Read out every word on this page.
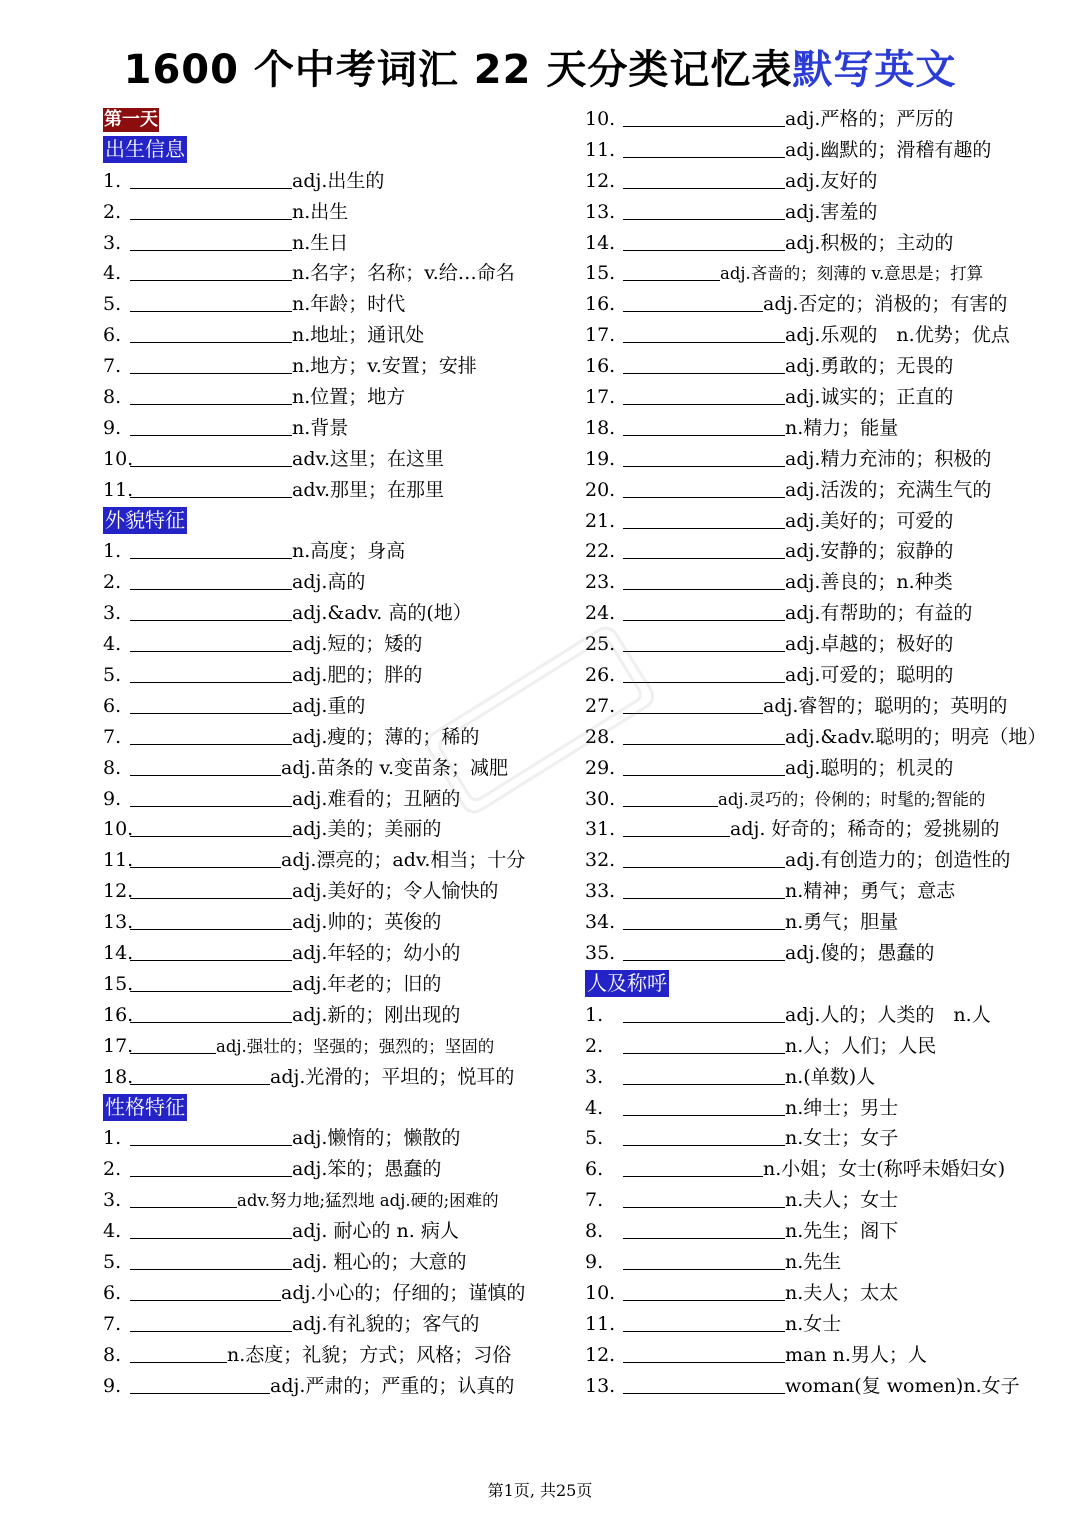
1600 个中考词汇 22 天分类记忆表默写英文
第一天
出生信息
1.	adj.出生的
2.	n.出生
3.	n.生日
4.	n.名字；名称；v.给…命名
5.	n.年龄；时代
6.	n.地址；通讯处
7.	n.地方；v.安置；安排
8.	n.位置；地方
9.	n.背景
10.	adv.这里；在这里
11.	adv.那里；在那里
外貌特征
1.	n.高度；身高
2.	adj.高的
3.	adj.&adv. 高的(地）
4.	adj.短的；矮的
5.	adj.肥的；胖的
6.	adj.重的
7.	adj.瘦的；薄的；稀的
8.	adj.苗条的 v.变苗条；减肥
9.	adj.难看的；丑陋的
10.	adj.美的；美丽的
11.	adj.漂亮的；adv.相当；十分
12.	adj.美好的；令人愉快的
13.	adj.帅的；英俊的
14.	adj.年轻的；幼小的
15.	adj.年老的；旧的
16.	adj.新的；刚出现的
17.	adj.强壮的；坚强的；强烈的；坚固的
18.	adj.光滑的；平坦的；悦耳的
性格特征
1.	adj.懒惰的；懒散的
2.	adj.笨的；愚蠢的
3.	adv.努力地;猛烈地 adj.硬的;困难的
4.	adj. 耐心的 n. 病人
5.	adj. 粗心的；大意的
6.	adj.小心的；仔细的；谨慎的
7.	adj.有礼貌的；客气的
8.	n.态度；礼貌；方式；风格；习俗
9.	adj.严肃的；严重的；认真的
10.	adj.严格的；严厉的
11.	adj.幽默的；滑稽有趣的
12.	adj.友好的
13.	adj.害羞的
14.	adj.积极的；主动的
15.	adj.吝啬的；刻薄的 v.意思是；打算
16.	adj.否定的；消极的；有害的
17.	adj.乐观的　n.优势；优点
16.	adj.勇敢的；无畏的
17.	adj.诚实的；正直的
18.	n.精力；能量
19.	adj.精力充沛的；积极的
20.	adj.活泼的；充满生气的
21.	adj.美好的；可爱的
22.	adj.安静的；寂静的
23.	adj.善良的；n.种类
24.	adj.有帮助的；有益的
25.	adj.卓越的；极好的
26.	adj.可爱的；聪明的
27.	adj.睿智的；聪明的；英明的
28.	adj.&adv.聪明的；明亮（地）
29.	adj.聪明的；机灵的
30.	adj.灵巧的；伶俐的；时髦的;智能的
31.	adj. 好奇的；稀奇的；爱挑剔的
32.	adj.有创造力的；创造性的
33.	n.精神；勇气；意志
34.	n.勇气；胆量
35.	adj.傻的；愚蠢的
人及称呼
1.	adj.人的；人类的　n.人
2.	n.人；人们；人民
3.	n.(单数)人
4.	n.绅士；男士
5.	n.女士；女子
6.	n.小姐；女士(称呼未婚妇女)
7.	n.夫人；女士
8.	n.先生；阁下
9.	n.先生
10.	n.夫人；太太
11.	n.女士
12.	man n.男人；人
13.	woman(复 women)n.女子
第1页, 共25页
